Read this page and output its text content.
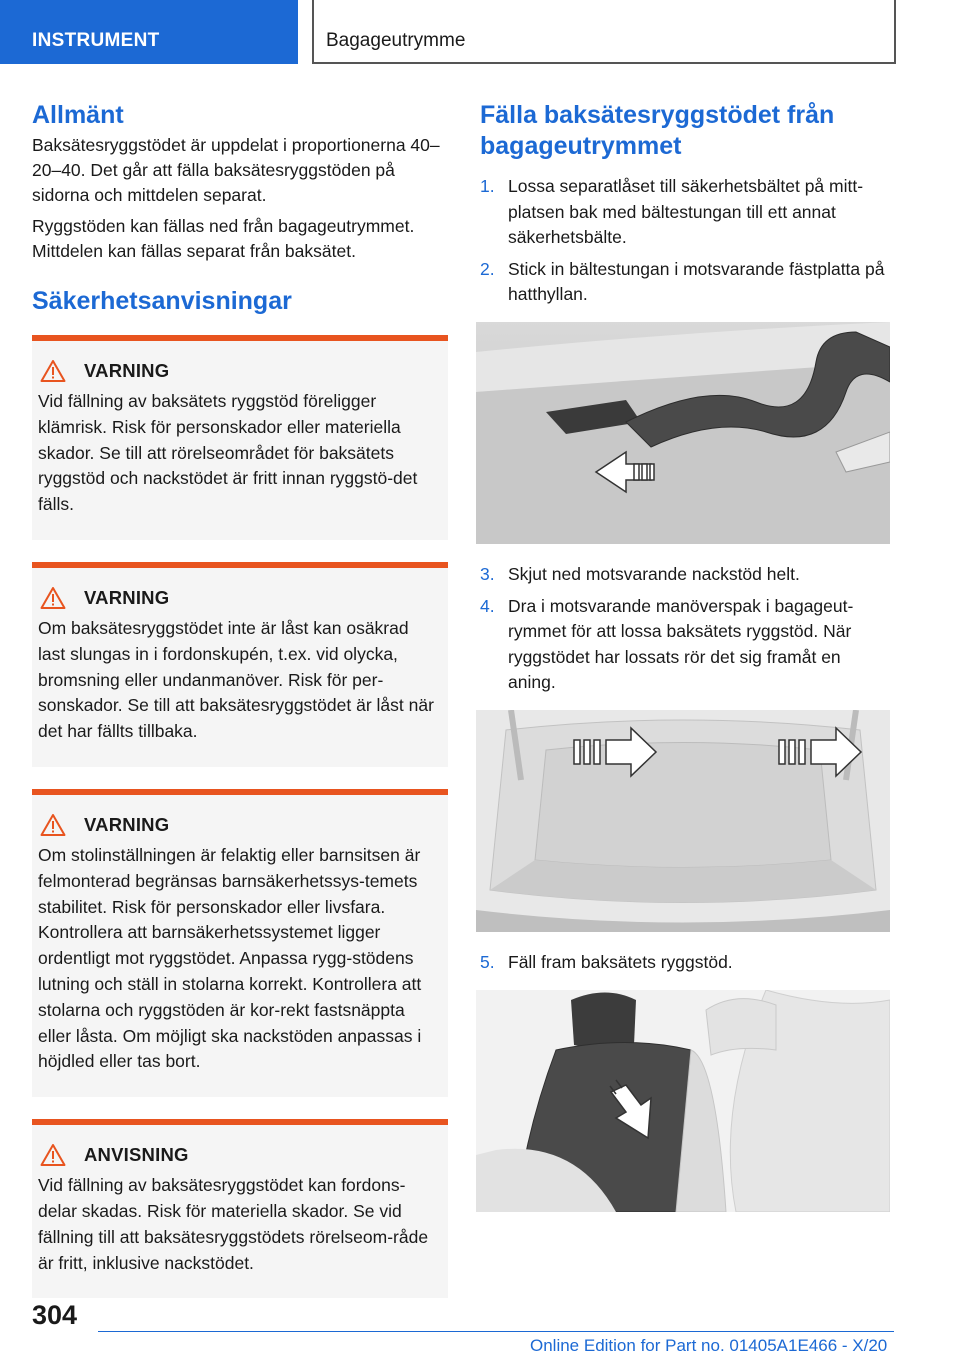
INSTRUMENT	Bagageutrymme
Allmänt

Baksätesryggstödet är uppdelat i proportionerna 40–20–40. Det går att fälla baksätesryggstöden på sidorna och mittdelen separat.

Ryggstöden kan fällas ned från bagageutrymmet. Mittdelen kan fällas separat från baksätet.

Säkerhetsanvisningar
VARNING
Vid fällning av baksätets ryggstöd föreligger klämrisk. Risk för personskador eller materiella skador. Se till att rörelseområdet för baksätets ryggstöd och nackstödet är fritt innan ryggstö-det fälls.
VARNING
Om baksätesryggstödet inte är låst kan osäkrad last slungas in i fordonskupén, t.ex. vid olycka, bromsning eller undanmanöver. Risk för per-sonskador. Se till att baksätesryggstödet är låst när det har fällts tillbaka.
VARNING
Om stolinställningen är felaktig eller barnsitsen är felmonterad begränsas barnsäkerhetssys-temets stabilitet. Risk för personskador eller livsfara. Kontrollera att barnsäkerhetssystemet ligger ordentligt mot ryggstödet. Anpassa rygg-stödens lutning och ställ in stolarna korrekt. Kontrollera att stolarna och ryggstöden är kor-rekt fastsnäppta eller låsta. Om möjligt ska nackstöden anpassas i höjdled eller tas bort.
ANVISNING
Vid fällning av baksätesryggstödet kan fordons-delar skadas. Risk för materiella skador. Se vid fällning till att baksätesryggstödets rörelseom-råde är fritt, inklusive nackstödet.
Fälla baksätesryggstödet från bagageutrymmet
1. Lossa separatlåset till säkerhetsbältet på mitt-platsen bak med bältestungan till ett annat säkerhetsbälte.
2. Stick in bältestungan i motsvarande fästplatta på hatthyllan.
3. Skjut ned motsvarande nackstöd helt.
4. Dra i motsvarande manöverspak i bagageut-rymmet för att lossa baksätets ryggstöd. När ryggstödet har lossats rör det sig framåt en aning.
5. Fäll fram baksätets ryggstöd.
304
Online Edition for Part no. 01405A1E466 - X/20
